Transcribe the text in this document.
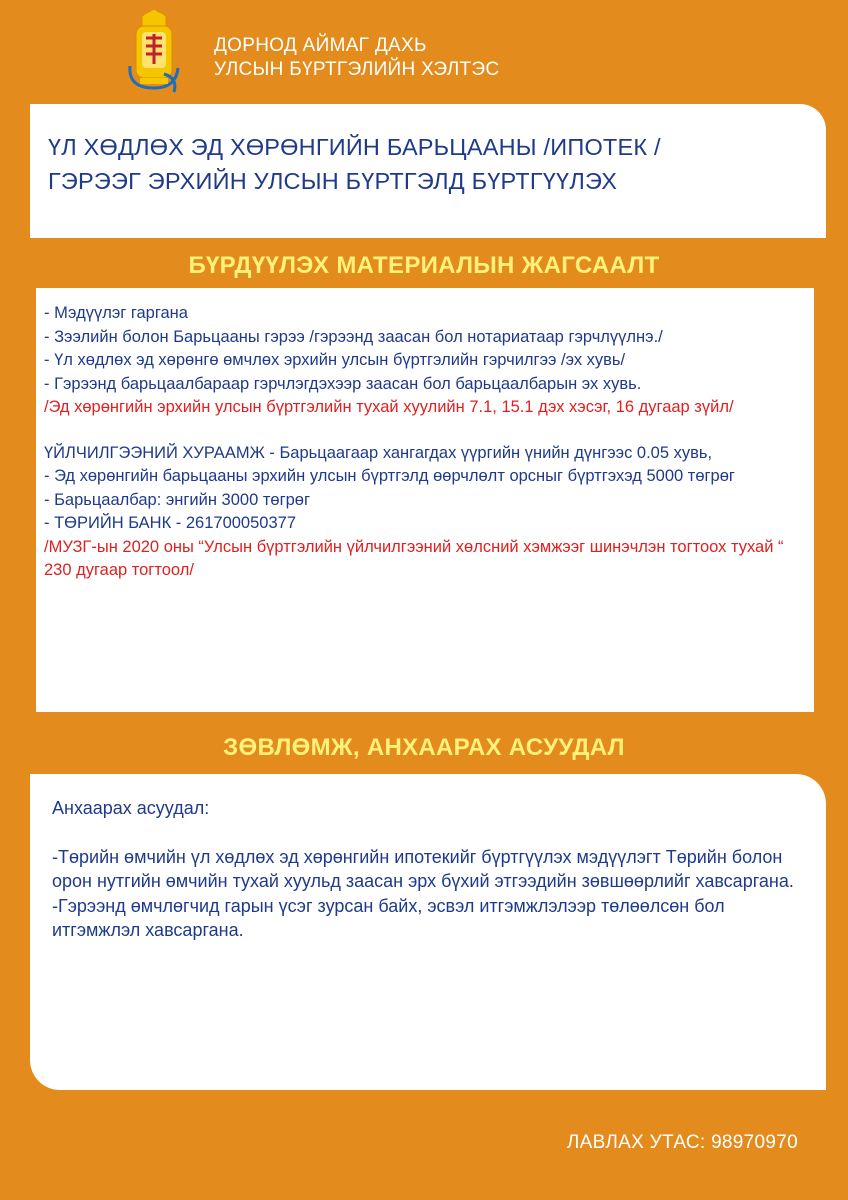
ДОРНОД АЙМАГ ДАХЬ
УЛСЫН БҮРТГЭЛИЙН ХЭЛТЭС
ҮЛ ХӨДЛӨХ ЭД ХӨРӨНГИЙН БАРЬЦААНЫ /ИПОТЕК /
ГЭРЭЭГ ЭРХИЙН УЛСЫН БҮРТГЭЛД БҮРТГҮҮЛЭХ
БҮРДҮҮЛЭХ МАТЕРИАЛЫН ЖАГСААЛТ
- Мэдүүлэг гаргана
- Зээлийн болон Барьцааны гэрээ /гэрээнд заасан бол нотариатаар гэрчлүүлнэ./
- Үл хөдлөх эд хөрөнгө өмчлөх эрхийн улсын бүртгэлийн гэрчилгээ /эх хувь/
- Гэрээнд барьцаалбараар гэрчлэгдэхээр заасан бол барьцаалбарын эх хувь.
/Эд хөрөнгийн эрхийн улсын бүртгэлийн тухай хуулийн 7.1, 15.1 дэх хэсэг, 16 дугаар зүйл/
ҮЙЛЧИЛГЭЭНИЙ ХУРААМЖ - Барьцаагаар хангагдах үүргийн үнийн дүнгээс 0.05 хувь,
- Эд хөрөнгийн барьцааны эрхийн улсын бүртгэлд өөрчлөлт орсныг бүртгэхэд 5000 төгрөг
- Барьцаалбар: энгийн 3000 төгрөг
- ТӨРИЙН БАНК - 261700050377
/МУЗГ-ын 2020 оны “Улсын бүртгэлийн үйлчилгээний хөлсний хэмжээг шинэчлэн тогтоох тухай “ 230 дугаар тогтоол/
ЗӨВЛӨМЖ, АНХААРАХ АСУУДАЛ
Анхаарах асуудал:
-Төрийн өмчийн үл хөдлөх эд хөрөнгийн ипотекийг бүртгүүлэх мэдүүлэгт Төрийн болон орон нутгийн өмчийн тухай хуульд заасан эрх бүхий этгээдийн зөвшөөрлийг хавсаргана.
-Гэрээнд өмчлөгчид гарын үсэг зурсан байх, эсвэл итгэмжлэлээр төлөөлсөн бол итгэмжлэл хавсаргана.
ЛАВЛАХ УТАС: 98970970
